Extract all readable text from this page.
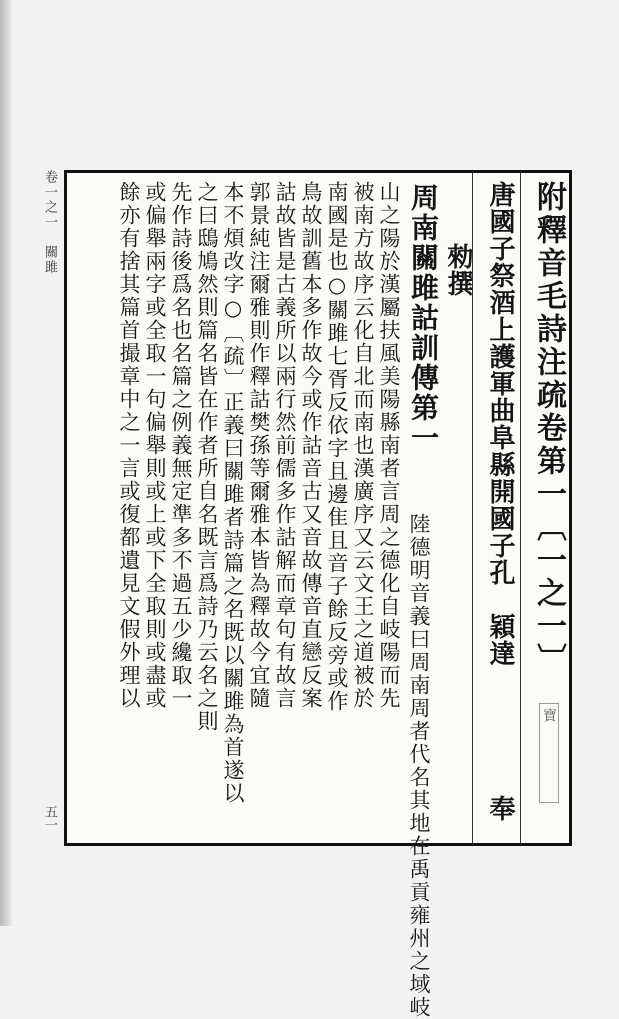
卷一之一　關雎
五一
附釋音毛詩注疏卷第一〔一之一〕
唐國子祭酒上護軍曲阜縣開國子孔　穎達
奉
勑撰
周南關雎詁訓傳第一
陸德明音義曰周南周者代名其地在禹貢雍州之域岐
山之陽於漢屬扶風美陽縣南者言周之德化自岐陽而先
被南方故序云化自北而南也漢廣序又云文王之道被於
南國是也○關雎七胥反依字且邊隹且音子餘反旁或作
鳥故訓舊本多作故今或作詁音古又音故傳音直戀反案
詁故皆是古義所以兩行然前儒多作詁解而章句有故言
郭景純注爾雅則作釋詁樊孫等爾雅本皆為釋故今宜隨
本不煩改字○〔疏〕正義曰關雎者詩篇之名既以關雎為首遂以
之曰鴟鳩然則篇名皆在作者所自名既言爲詩乃云名之則
先作詩後爲名也名篇之例義無定準多不過五少纔取一
或偏舉兩字或全取一句偏舉則或上或下全取則或盡或
餘亦有捨其篇首撮章中之一言或復都遺見文假外理以
寶
